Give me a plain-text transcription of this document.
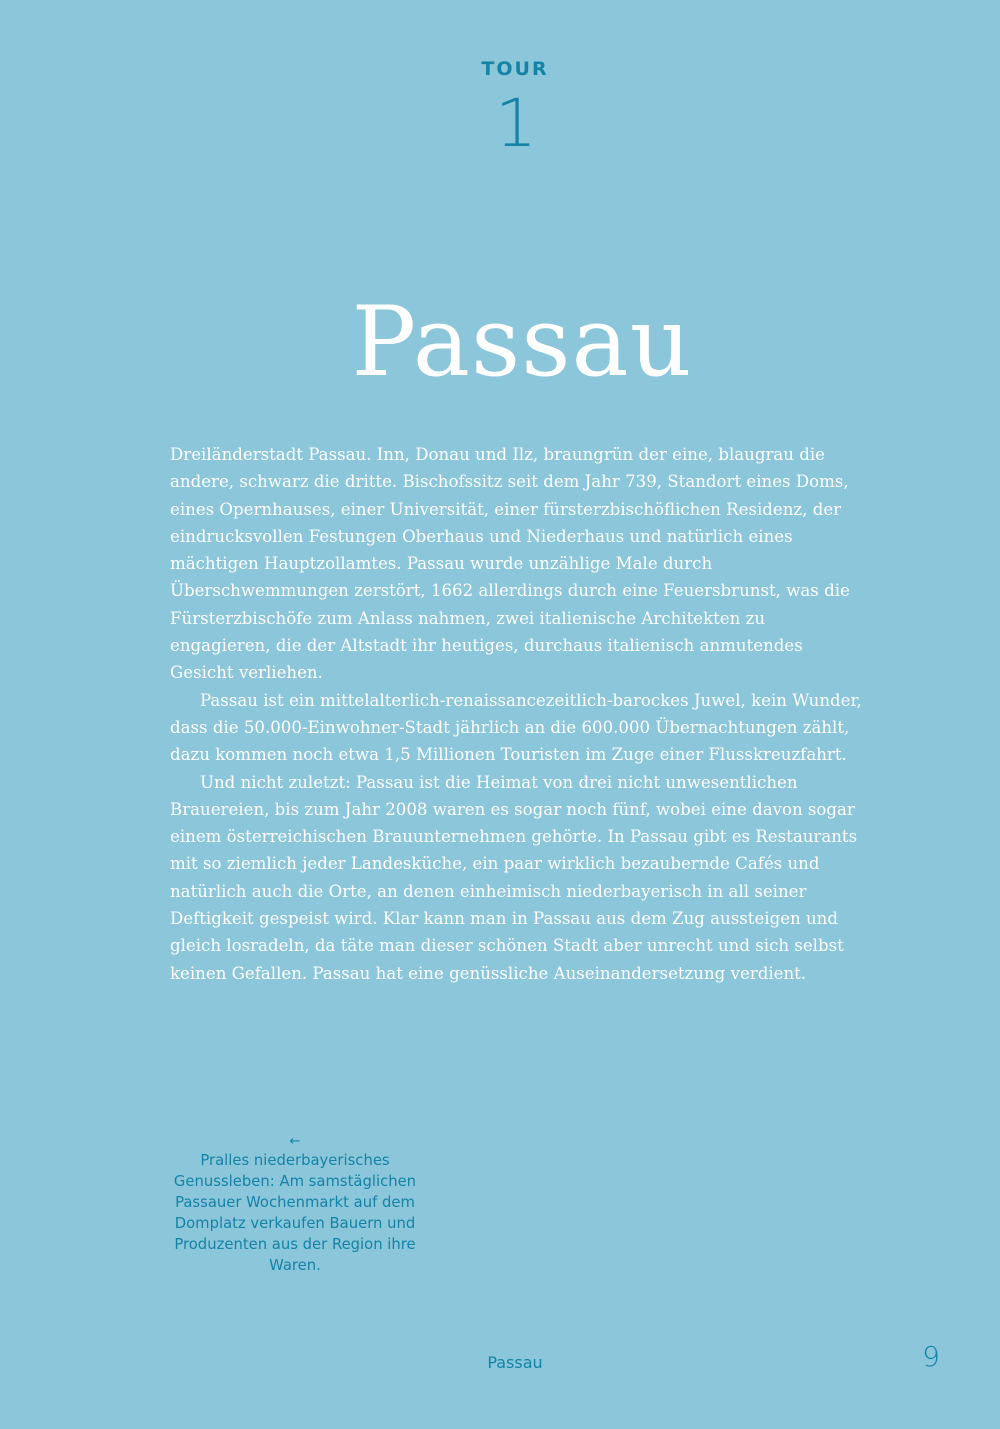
TOUR
1
Passau

Dreiländerstadt Passau. Inn, Donau und Ilz, braungrün der eine, blaugrau die andere, schwarz die dritte. Bischofssitz seit dem Jahr 739, Standort eines Doms, eines Opernhauses, einer Universität, einer fürsterzbischöflichen Residenz, der eindrucksvollen Festungen Oberhaus und Niederhaus und natürlich eines mächtigen Hauptzollamtes. Passau wurde unzählige Male durch Überschwemmungen zerstört, 1662 allerdings durch eine Feuersbrunst, was die Fürsterzbischöfe zum Anlass nahmen, zwei italienische Architekten zu engagieren, die der Altstadt ihr heutiges, durchaus italienisch anmutendes Gesicht verliehen.

Passau ist ein mittelalterlich-renaissancezeitlich-barockes Juwel, kein Wunder, dass die 50.000-Einwohner-Stadt jährlich an die 600.000 Übernachtungen zählt, dazu kommen noch etwa 1,5 Millionen Touristen im Zuge einer Flusskreuzfahrt.

Und nicht zuletzt: Passau ist die Heimat von drei nicht unwesentlichen Brauereien, bis zum Jahr 2008 waren es sogar noch fünf, wobei eine davon sogar einem österreichischen Brauunternehmen gehörte. In Passau gibt es Restaurants mit so ziemlich jeder Landesküche, ein paar wirklich bezaubernde Cafés und natürlich auch die Orte, an denen einheimisch niederbayerisch in all seiner Deftigkeit gespeist wird. Klar kann man in Passau aus dem Zug aussteigen und gleich losradeln, da täte man dieser schönen Stadt aber unrecht und sich selbst keinen Gefallen. Passau hat eine genüssliche Auseinandersetzung verdient.

←
Pralles niederbayerisches Genussleben: Am samstäglichen Passauer Wochenmarkt auf dem Domplatz verkaufen Bauern und Produzenten aus der Region ihre Waren.
Passau	9
